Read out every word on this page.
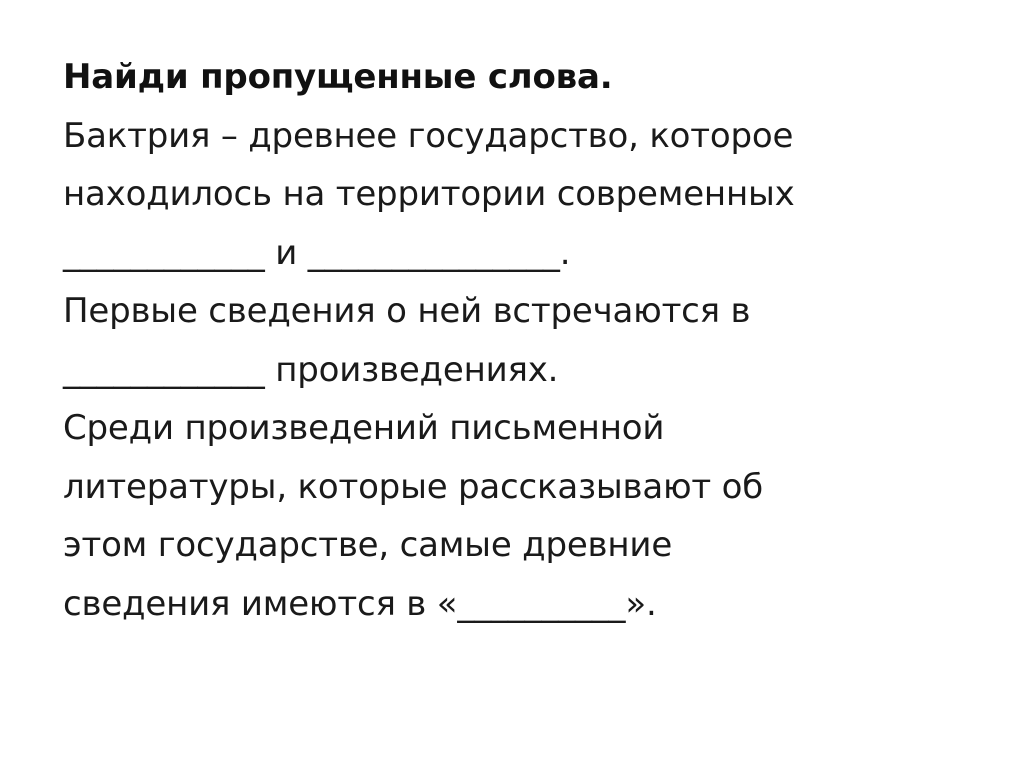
Найди пропущенные слова.
Бактрия – древнее государство, которое
находилось на территории современных
____________ и _______________.
Первые сведения о ней встречаются в
____________ произведениях.
Среди произведений письменной
литературы, которые рассказывают об
этом государстве, самые древние
сведения имеются в «__________».
